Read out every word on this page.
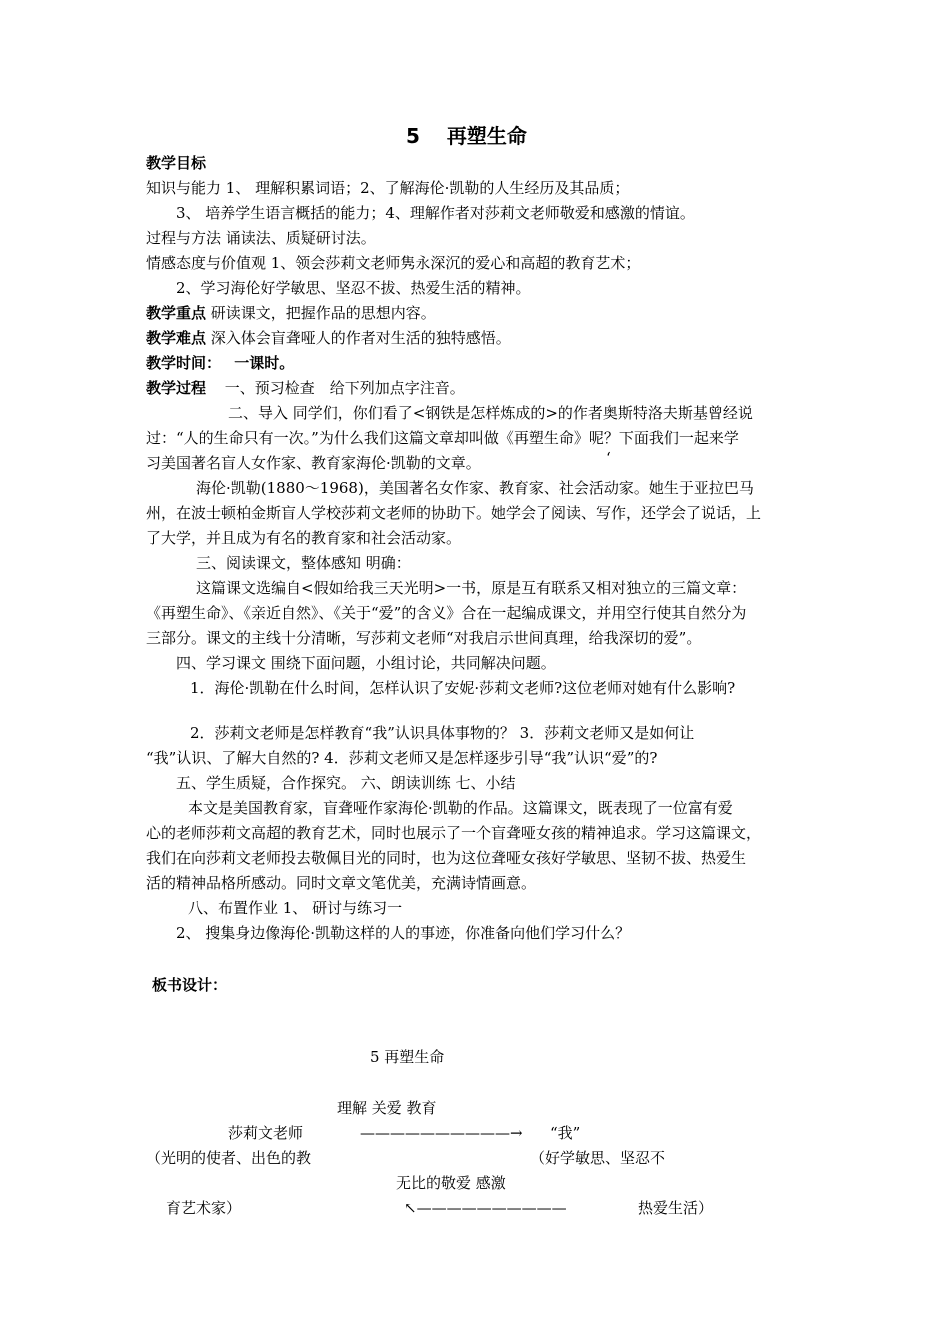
5　 再塑生命
教学目标
知识与能力 1、 理解积累词语；2、了解海伦·凯勒的人生经历及其品质；
3、 培养学生语言概括的能力；4、理解作者对莎莉文老师敬爱和感激的情谊。
过程与方法 诵读法、质疑研讨法。
情感态度与价值观 1、领会莎莉文老师隽永深沉的爱心和高超的教育艺术；
2、学习海伦好学敏思、坚忍不拔、热爱生活的精神。
教学重点 研读课文，把握作品的思想内容。
教学难点 深入体会盲聋哑人的作者对生活的独特感悟。
教学时间： 一课时。
教学过程 一、预习检查　给下列加点字注音。
二、导入 同学们，你们看了<钢铁是怎样炼成的>的作者奥斯特洛夫斯基曾经说
过：“人的生命只有一次。”为什么我们这篇文章却叫做《再塑生命》呢？下面我们一起来学
习美国著名盲人女作家、教育家海伦·凯勒的文章。	‘
海伦·凯勒(1880～1968)，美国著名女作家、教育家、社会活动家。她生于亚拉巴马
州，在波士顿柏金斯盲人学校莎莉文老师的协助下。她学会了阅读、写作，还学会了说话，上
了大学，并且成为有名的教育家和社会活动家。
三、阅读课文，整体感知 明确：
这篇课文选编自<假如给我三天光明>一书，原是互有联系又相对独立的三篇文章：
《再塑生命》、《亲近自然》、《关于“爱”的含义》合在一起编成课文，并用空行使其自然分为
三部分。课文的主线十分清晰，写莎莉文老师“对我启示世间真理，给我深切的爱”。
四、学习课文 围绕下面问题，小组讨论，共同解决问题。
1．海伦·凯勒在什么时间，怎样认识了安妮·莎莉文老师?这位老师对她有什么影响?
2．莎莉文老师是怎样教育“我”认识具体事物的？ 3．莎莉文老师又是如何让
“我”认识、了解大自然的? 4．莎莉文老师又是怎样逐步引导“我”认识“爱”的?
五、学生质疑，合作探究。 六、朗读训练 七、小结
本文是美国教育家，盲聋哑作家海伦·凯勒的作品。这篇课文，既表现了一位富有爱
心的老师莎莉文高超的教育艺术，同时也展示了一个盲聋哑女孩的精神追求。学习这篇课文，
我们在向莎莉文老师投去敬佩目光的同时，也为这位聋哑女孩好学敏思、坚韧不拔、热爱生
活的精神品格所感动。同时文章文笔优美，充满诗情画意。
八、布置作业 1、 研讨与练习一
2、 搜集身边像海伦·凯勒这样的人的事迹，你准备向他们学习什么？
板书设计：
5 再塑生命
理解 关爱 教育
莎莉文老师	——————————→ “我”
（光明的使者、出色的教	（好学敏思、坚忍不
无比的敬爱 感激
育艺术家）	↖——————————	热爱生活）
